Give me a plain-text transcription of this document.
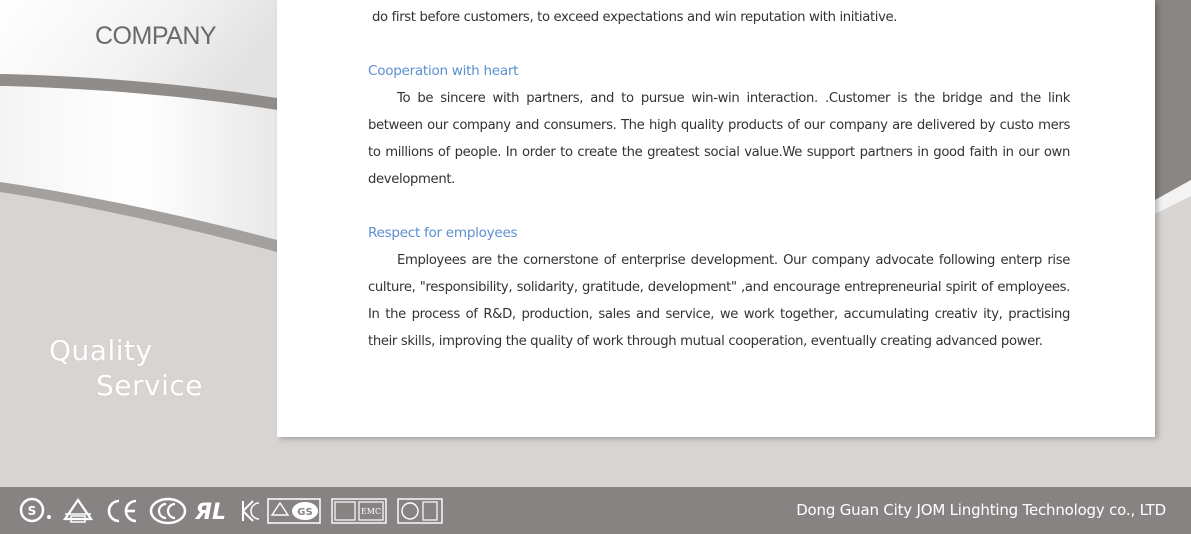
COMPANY
Quality
Service

do first before customers, to exceed expectations and win reputation with initiative.

Cooperation with heart

To be sincere with partners, and to pursue win-win interaction. .Customer is the bridge and the link between our company and consumers. The high quality products of our company are delivered by custo mers to millions of people. In order to create the greatest social value.We support partners in good faith in our own development.

Respect for employees

Employees are the cornerstone of enterprise development. Our company advocate following enterp rise culture, "responsibility, solidarity, gratitude, development" ,and encourage entrepreneurial spirit of employees. In the process of R&D, production, sales and service, we work together, accumulating creativ ity, practising their skills, improving the quality of work through mutual cooperation, eventually creating advanced power.

S	ЯL	GS	EMC	Dong Guan City JOM Linghting Technology co., LTD
